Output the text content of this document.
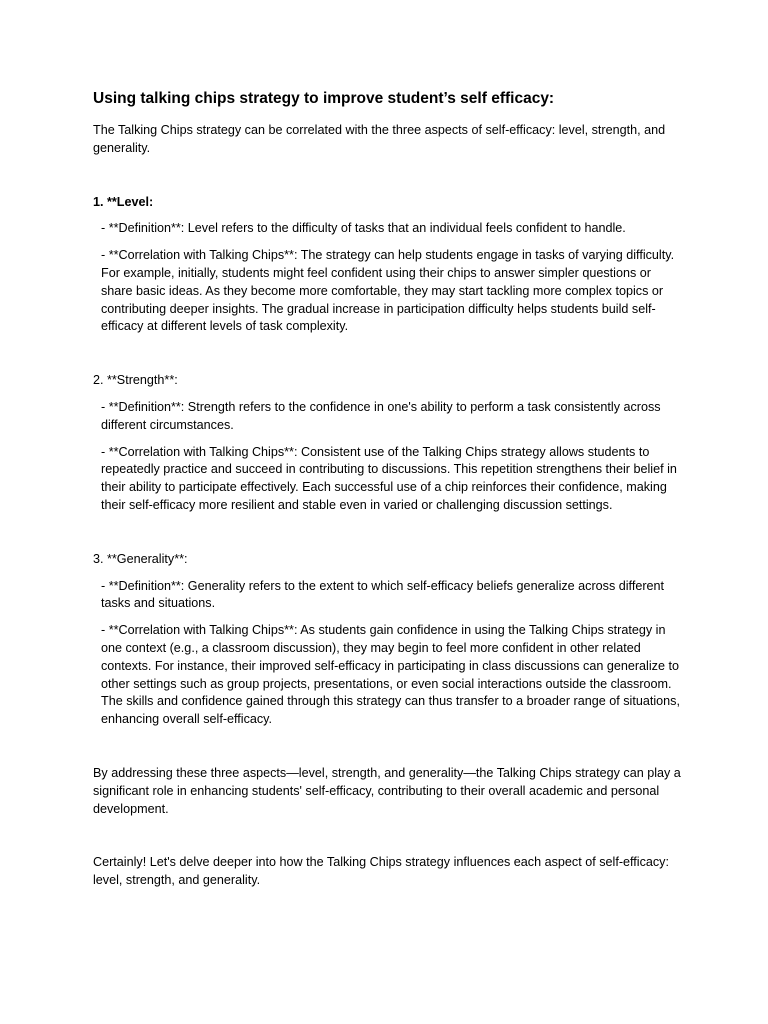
Using talking chips strategy to improve student’s self efficacy:

The Talking Chips strategy can be correlated with the three aspects of self-efficacy: level, strength, and generality.

1. **Level:

- **Definition**: Level refers to the difficulty of tasks that an individual feels confident to handle.

- **Correlation with Talking Chips**: The strategy can help students engage in tasks of varying difficulty. For example, initially, students might feel confident using their chips to answer simpler questions or share basic ideas. As they become more comfortable, they may start tackling more complex topics or contributing deeper insights. The gradual increase in participation difficulty helps students build self-efficacy at different levels of task complexity.

2. **Strength**:

- **Definition**: Strength refers to the confidence in one's ability to perform a task consistently across different circumstances.

- **Correlation with Talking Chips**: Consistent use of the Talking Chips strategy allows students to repeatedly practice and succeed in contributing to discussions. This repetition strengthens their belief in their ability to participate effectively. Each successful use of a chip reinforces their confidence, making their self-efficacy more resilient and stable even in varied or challenging discussion settings.

3. **Generality**:

- **Definition**: Generality refers to the extent to which self-efficacy beliefs generalize across different tasks and situations.

- **Correlation with Talking Chips**: As students gain confidence in using the Talking Chips strategy in one context (e.g., a classroom discussion), they may begin to feel more confident in other related contexts. For instance, their improved self-efficacy in participating in class discussions can generalize to other settings such as group projects, presentations, or even social interactions outside the classroom. The skills and confidence gained through this strategy can thus transfer to a broader range of situations, enhancing overall self-efficacy.

By addressing these three aspects—level, strength, and generality—the Talking Chips strategy can play a significant role in enhancing students' self-efficacy, contributing to their overall academic and personal development.

Certainly! Let's delve deeper into how the Talking Chips strategy influences each aspect of self-efficacy: level, strength, and generality.
